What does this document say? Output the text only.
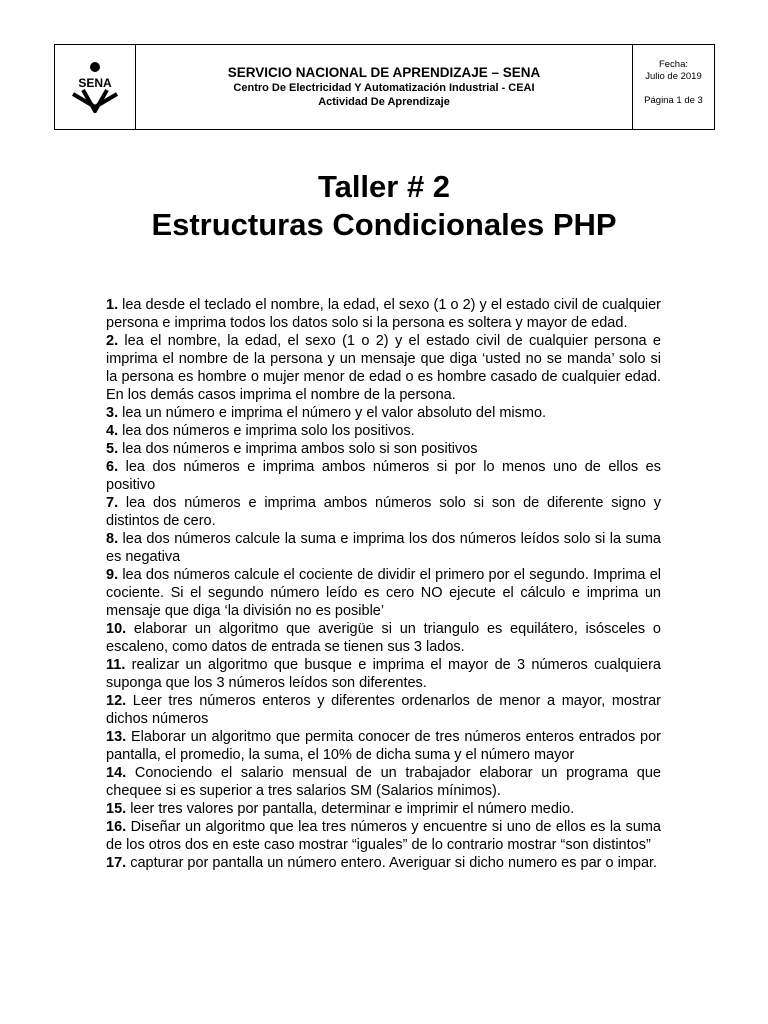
SENA
SERVICIO NACIONAL DE APRENDIZAJE – SENA
Centro De Electricidad Y Automatización Industrial - CEAI
Actividad De Aprendizaje
Fecha:
Julio de 2019
Página 1 de 3
Taller # 2
Estructuras Condicionales PHP

1. lea desde el teclado el nombre, la edad, el sexo (1 o 2) y el estado civil de cualquier persona e imprima todos los datos solo si la persona es soltera y mayor de edad.

2. lea el nombre, la edad, el sexo (1 o 2) y el estado civil de cualquier persona e imprima el nombre de la persona y un mensaje que diga ‘usted no se manda’ solo si la persona es hombre o mujer menor de edad o es hombre casado de cualquier edad. En los demás casos imprima el nombre de la persona.

3. lea un número e imprima el número y el valor absoluto del mismo.

4. lea dos números e imprima solo los positivos.

5. lea dos números e imprima ambos solo si son positivos

6. lea dos números e imprima ambos números si por lo menos uno de ellos es positivo

7. lea dos números e imprima ambos números solo si son de diferente signo y distintos de cero.

8. lea dos números calcule la suma e imprima los dos números leídos solo si la suma es negativa

9. lea dos números calcule el cociente de dividir el primero por el segundo. Imprima el cociente. Si el segundo número leído es cero NO ejecute el cálculo e imprima un mensaje que diga ‘la división no es posible’

10. elaborar un algoritmo que averigüe si un triangulo es equilátero, isósceles o escaleno, como datos de entrada se tienen sus 3 lados.

11. realizar un algoritmo que busque e imprima el mayor de 3 números cualquiera suponga que los 3 números leídos son diferentes.

12. Leer tres números enteros y diferentes ordenarlos de menor a mayor, mostrar dichos números

13. Elaborar un algoritmo que permita conocer de tres números enteros entrados por pantalla, el promedio, la suma, el 10% de dicha suma y el número mayor

14. Conociendo el salario mensual de un trabajador elaborar un programa que chequee si es superior a tres salarios SM (Salarios mínimos).

15. leer tres valores por pantalla, determinar e imprimir el número medio.

16. Diseñar un algoritmo que lea tres números y encuentre si uno de ellos es la suma de los otros dos en este caso mostrar “iguales” de lo contrario mostrar “son distintos”

17. capturar por pantalla un número entero. Averiguar si dicho numero es par o impar.
